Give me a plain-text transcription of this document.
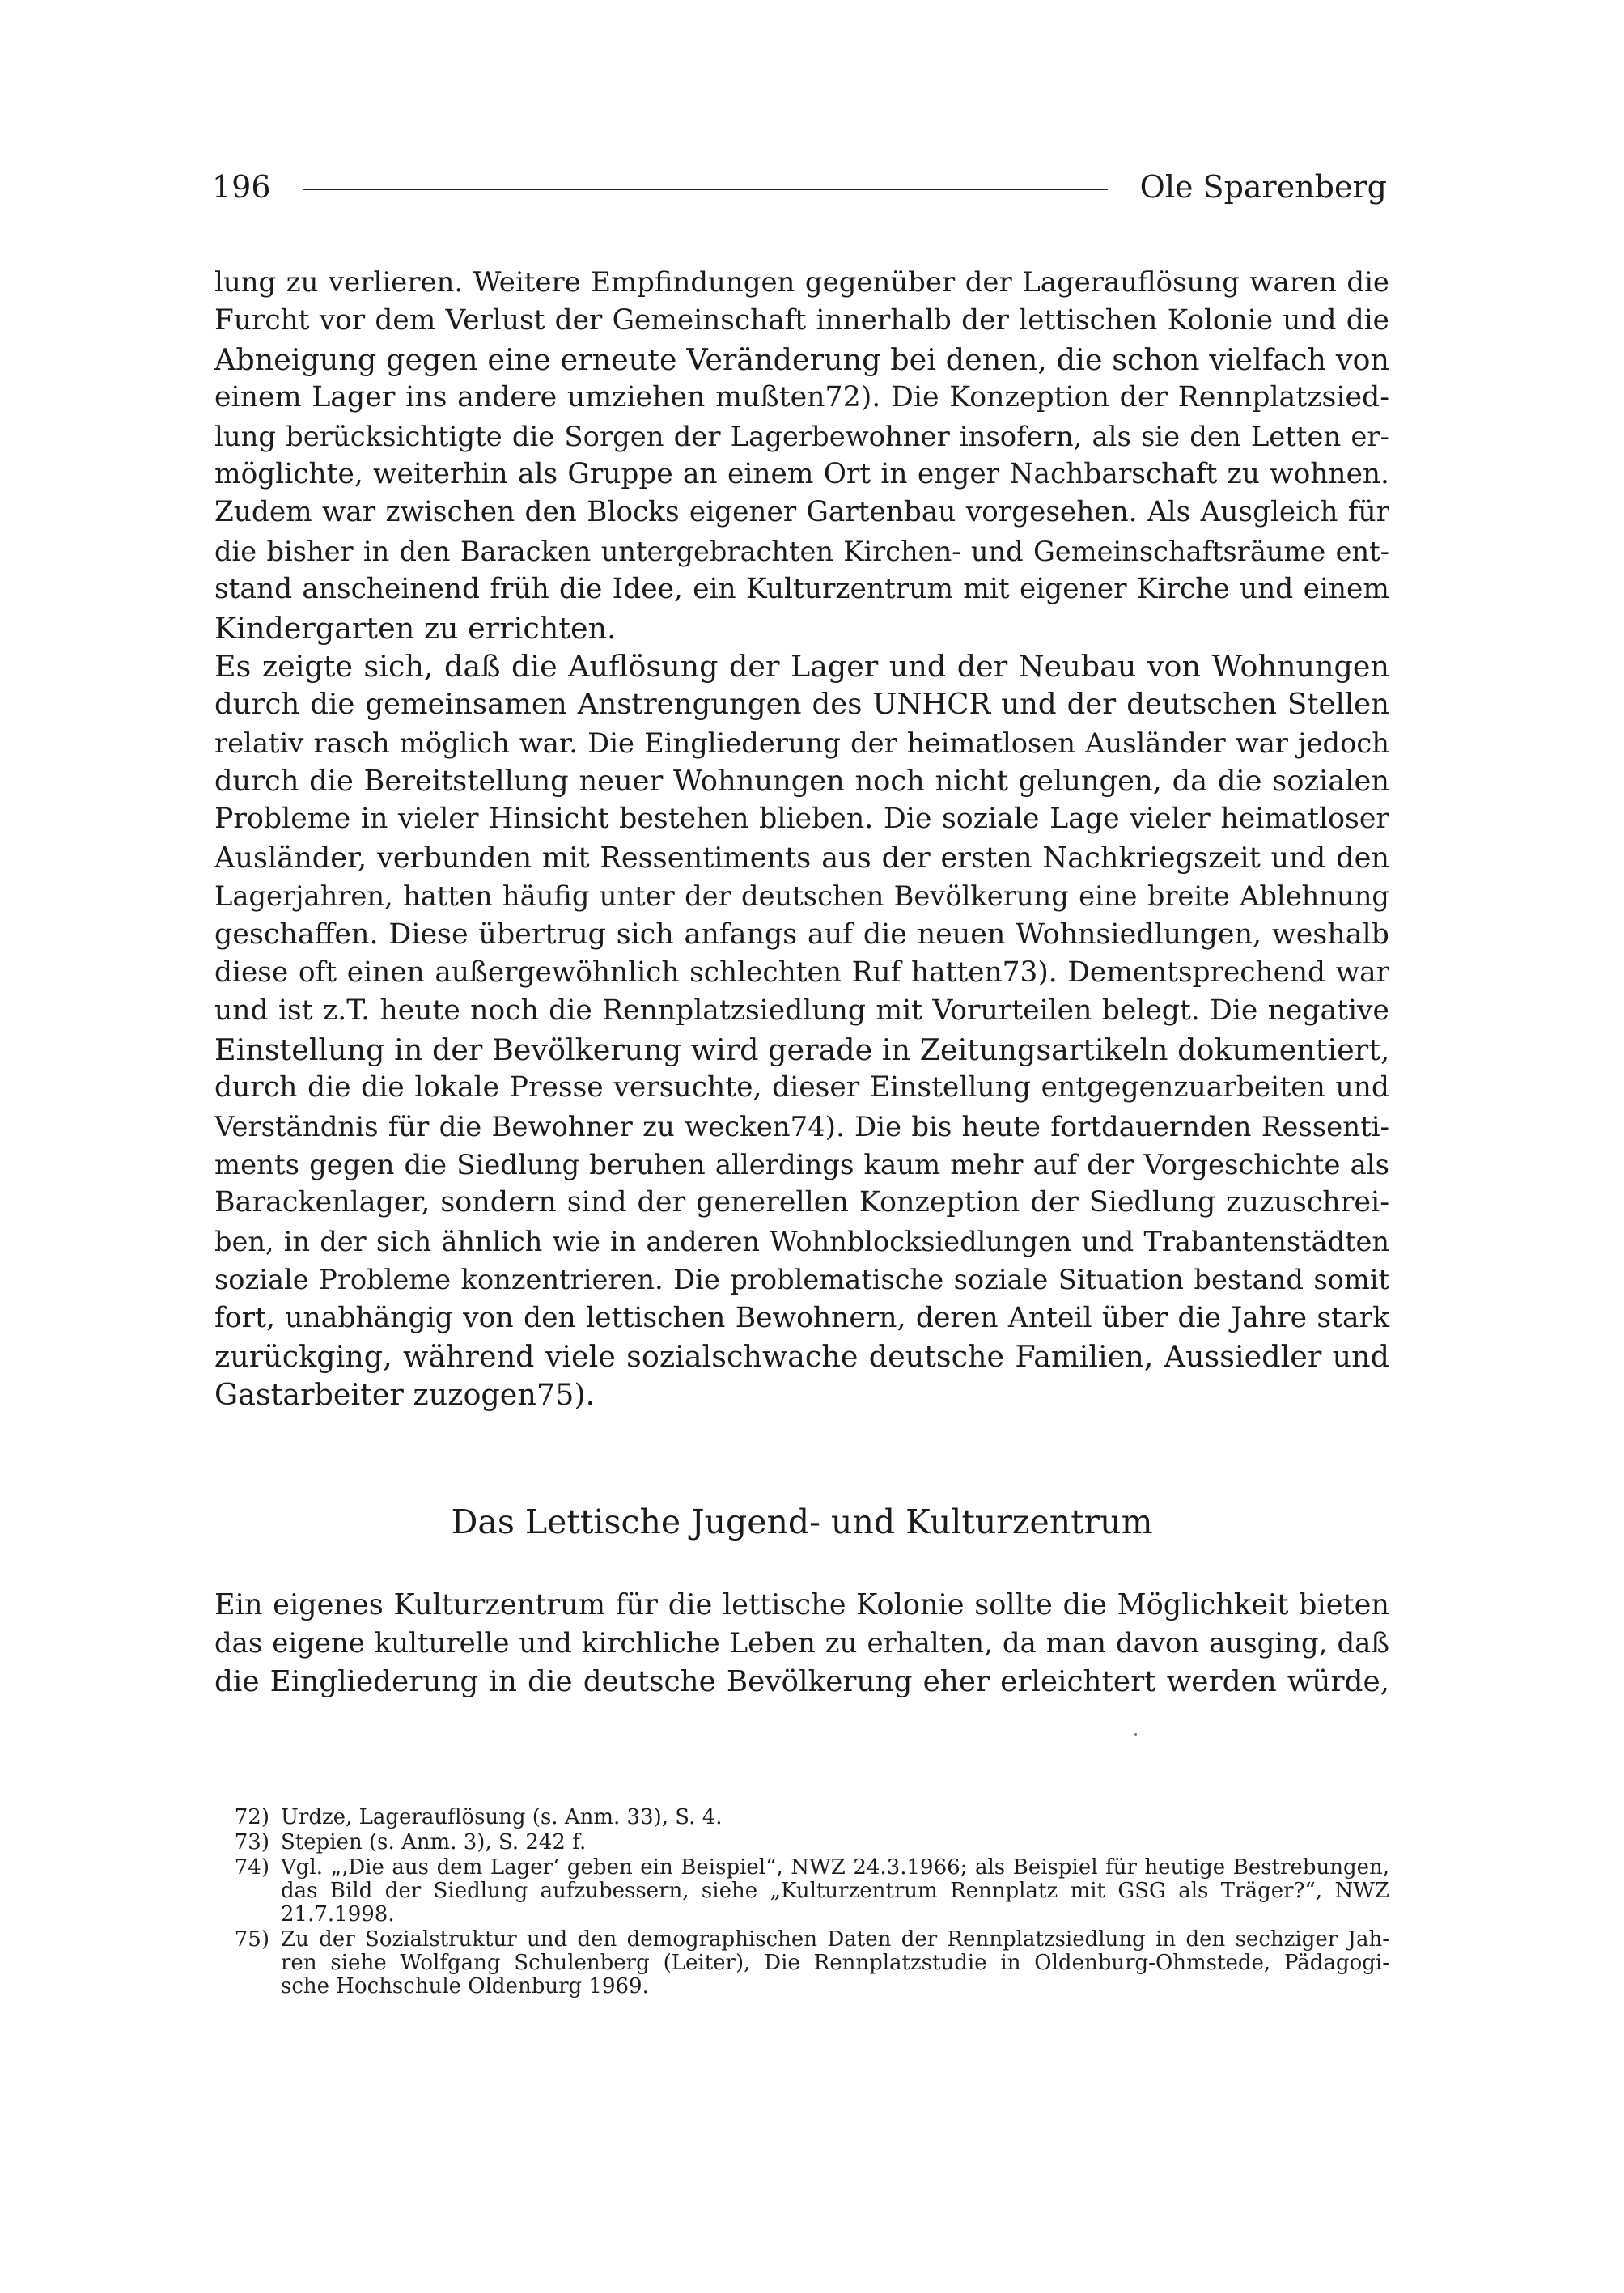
196	Ole Sparenberg
lung zu verlieren. Weitere Empfindungen gegenüber der Lagerauflösung waren die
Furcht vor dem Verlust der Gemeinschaft innerhalb der lettischen Kolonie und die
Abneigung gegen eine erneute Veränderung bei denen, die schon vielfach von
einem Lager ins andere umziehen mußten72). Die Konzeption der Rennplatzsied-
lung berücksichtigte die Sorgen der Lagerbewohner insofern, als sie den Letten er-
möglichte, weiterhin als Gruppe an einem Ort in enger Nachbarschaft zu wohnen.
Zudem war zwischen den Blocks eigener Gartenbau vorgesehen. Als Ausgleich für
die bisher in den Baracken untergebrachten Kirchen- und Gemeinschaftsräume ent-
stand anscheinend früh die Idee, ein Kulturzentrum mit eigener Kirche und einem
Kindergarten zu errichten.
Es zeigte sich, daß die Auflösung der Lager und der Neubau von Wohnungen
durch die gemeinsamen Anstrengungen des UNHCR und der deutschen Stellen
relativ rasch möglich war. Die Eingliederung der heimatlosen Ausländer war jedoch
durch die Bereitstellung neuer Wohnungen noch nicht gelungen, da die sozialen
Probleme in vieler Hinsicht bestehen blieben. Die soziale Lage vieler heimatloser
Ausländer, verbunden mit Ressentiments aus der ersten Nachkriegszeit und den
Lagerjahren, hatten häufig unter der deutschen Bevölkerung eine breite Ablehnung
geschaffen. Diese übertrug sich anfangs auf die neuen Wohnsiedlungen, weshalb
diese oft einen außergewöhnlich schlechten Ruf hatten73). Dementsprechend war
und ist z.T. heute noch die Rennplatzsiedlung mit Vorurteilen belegt. Die negative
Einstellung in der Bevölkerung wird gerade in Zeitungsartikeln dokumentiert,
durch die die lokale Presse versuchte, dieser Einstellung entgegenzuarbeiten und
Verständnis für die Bewohner zu wecken74). Die bis heute fortdauernden Ressenti-
ments gegen die Siedlung beruhen allerdings kaum mehr auf der Vorgeschichte als
Barackenlager, sondern sind der generellen Konzeption der Siedlung zuzuschrei-
ben, in der sich ähnlich wie in anderen Wohnblocksiedlungen und Trabantenstädten
soziale Probleme konzentrieren. Die problematische soziale Situation bestand somit
fort, unabhängig von den lettischen Bewohnern, deren Anteil über die Jahre stark
zurückging, während viele sozialschwache deutsche Familien, Aussiedler und
Gastarbeiter zuzogen75).
Das Lettische Jugend- und Kulturzentrum
Ein eigenes Kulturzentrum für die lettische Kolonie sollte die Möglichkeit bieten
das eigene kulturelle und kirchliche Leben zu erhalten, da man davon ausging, daß
die Eingliederung in die deutsche Bevölkerung eher erleichtert werden würde,
72) Urdze, Lagerauflösung (s. Anm. 33), S. 4.
73) Stepien (s. Anm. 3), S. 242 f.
74) Vgl. „‚Die aus dem Lager‘ geben ein Beispiel“, NWZ 24.3.1966; als Beispiel für heutige Bestrebungen,
das Bild der Siedlung aufzubessern, siehe „Kulturzentrum Rennplatz mit GSG als Träger?“, NWZ
21.7.1998.
75) Zu der Sozialstruktur und den demographischen Daten der Rennplatzsiedlung in den sechziger Jah-
ren siehe Wolfgang Schulenberg (Leiter), Die Rennplatzstudie in Oldenburg-Ohmstede, Pädagogi-
sche Hochschule Oldenburg 1969.
